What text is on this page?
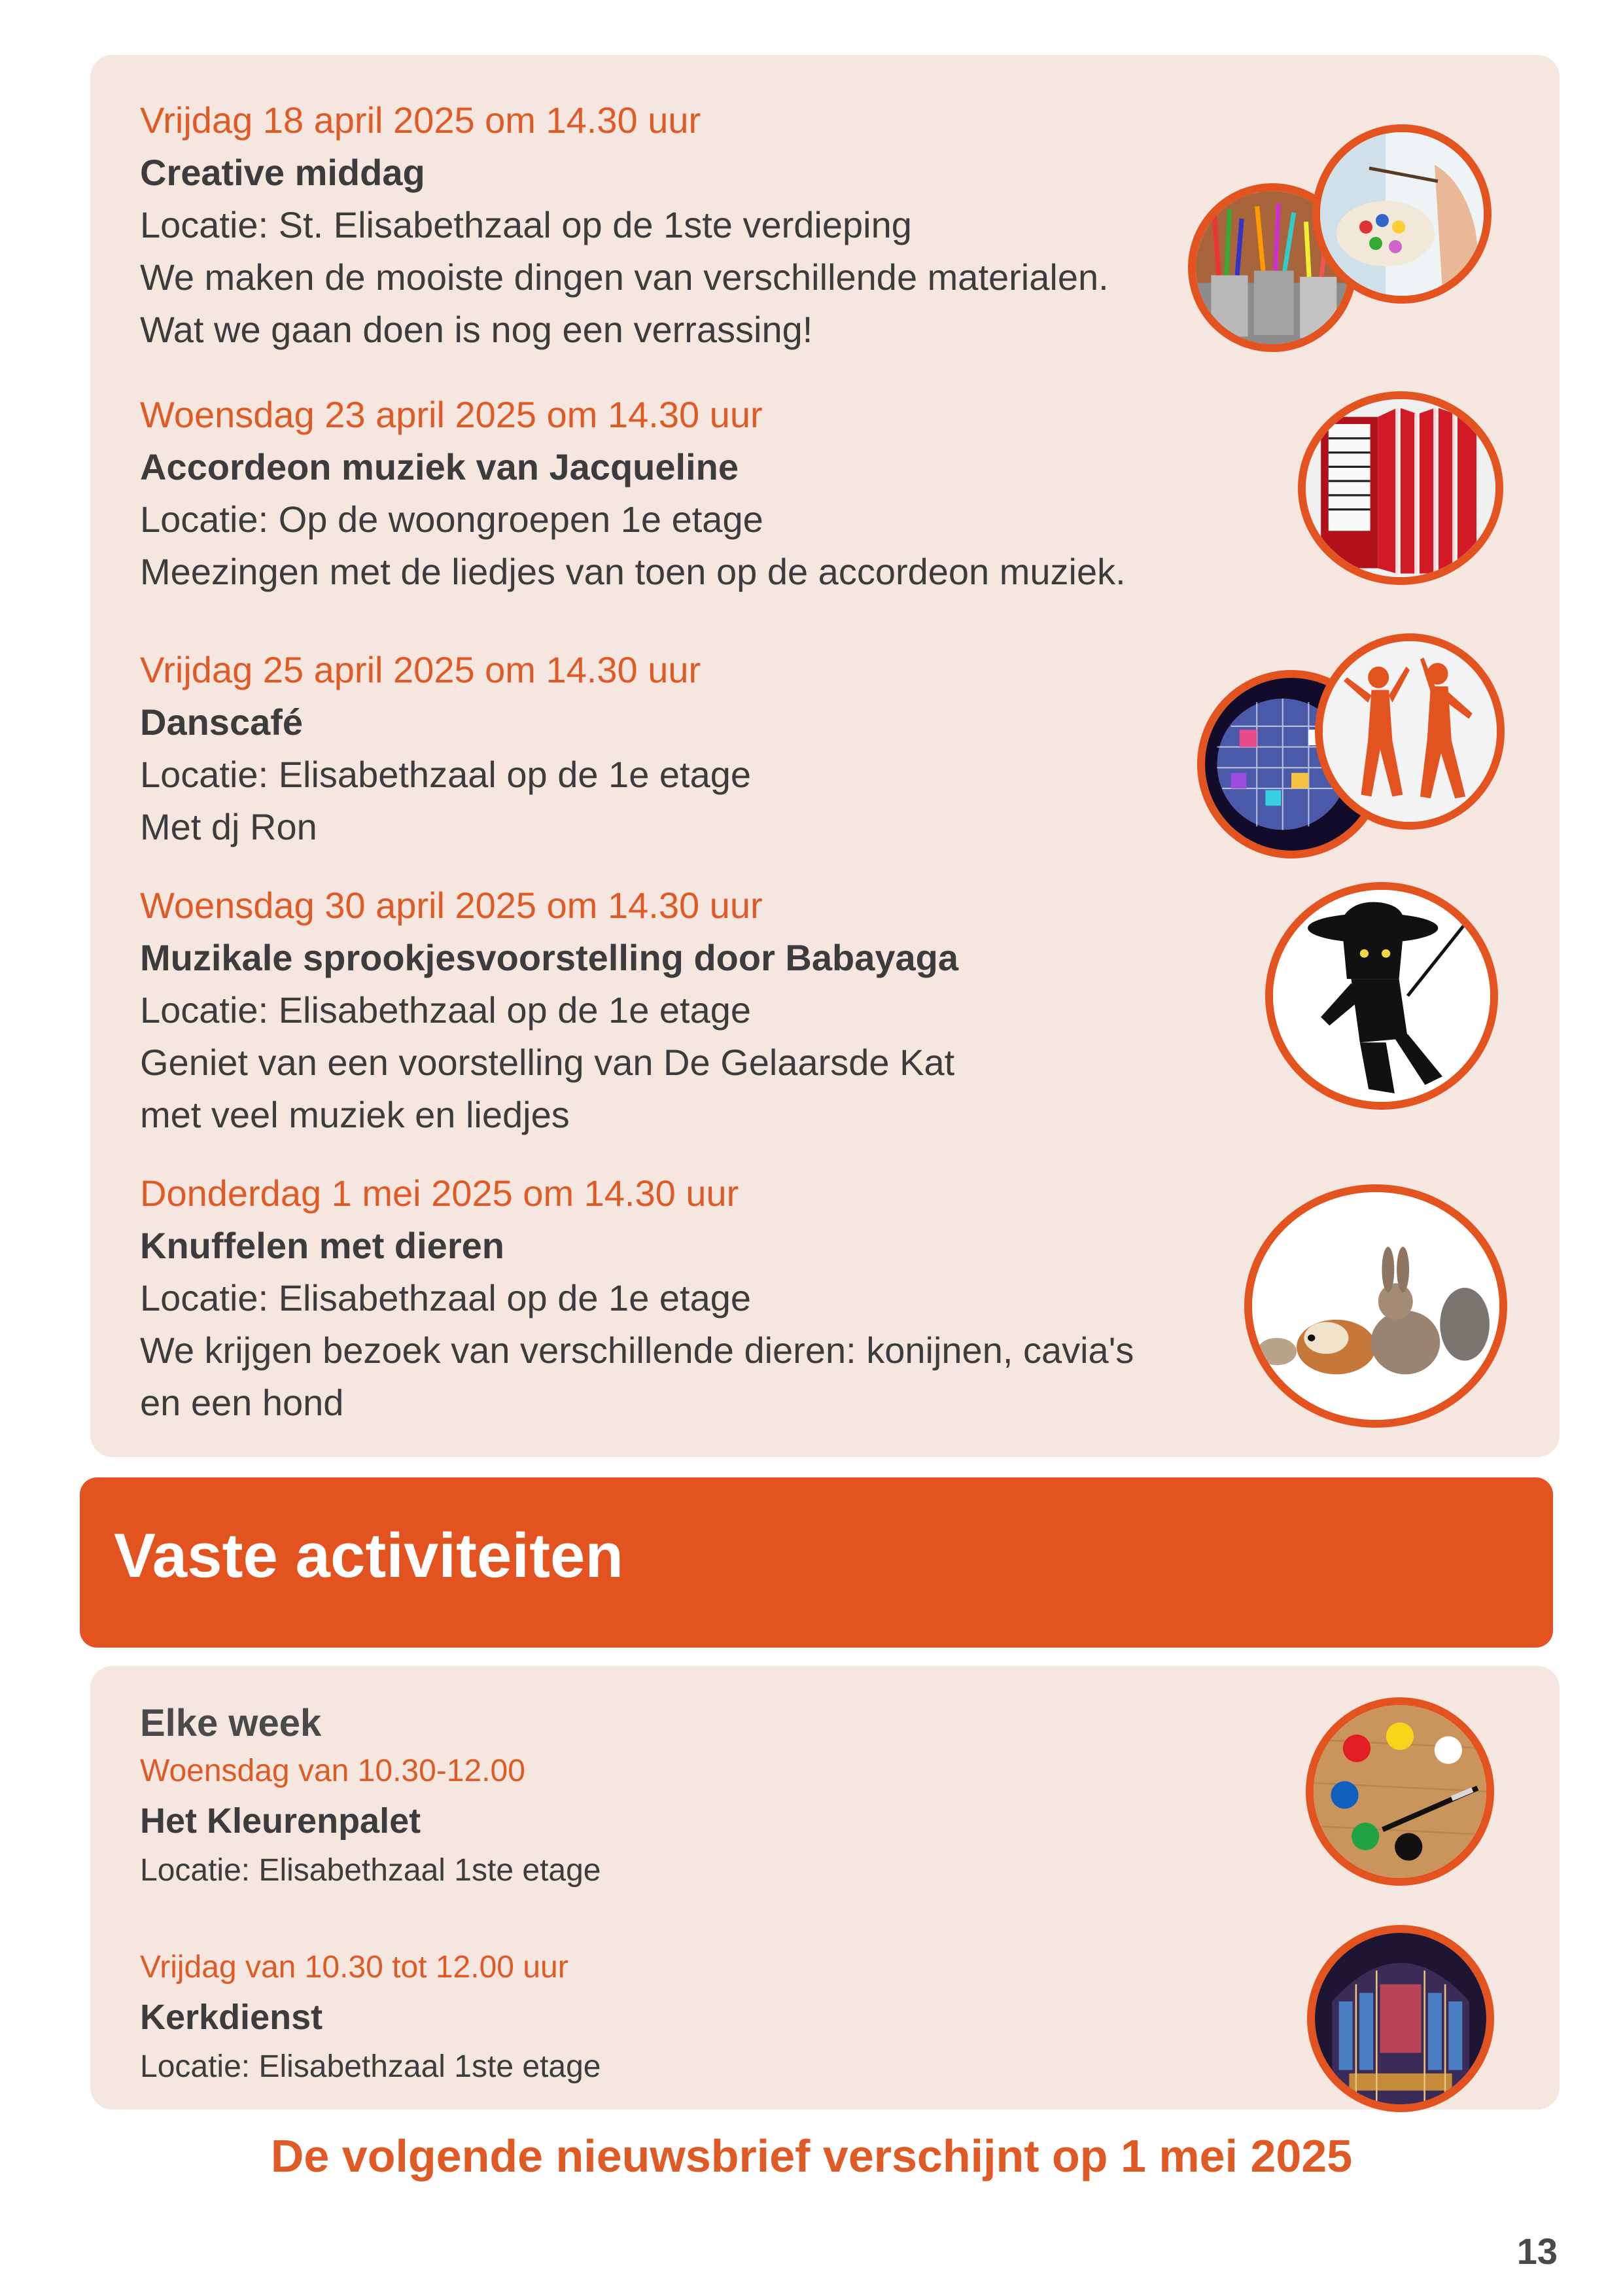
Vrijdag 18 april 2025 om 14.30 uur
Creative middag
Locatie: St. Elisabethzaal op de 1ste verdieping
We maken de mooiste dingen van verschillende materialen.
Wat we gaan doen is nog een verrassing!
Woensdag 23 april 2025 om 14.30 uur
Accordeon muziek van Jacqueline
Locatie: Op de woongroepen 1e etage
Meezingen met de liedjes van toen op de accordeon muziek.
Vrijdag 25 april 2025 om 14.30 uur
Danscafé
Locatie: Elisabethzaal op de 1e etage
Met dj Ron
Woensdag 30 april 2025 om 14.30 uur
Muzikale sprookjesvoorstelling door Babayaga
Locatie: Elisabethzaal op de 1e etage
Geniet van een voorstelling van De Gelaarsde Kat
met veel muziek en liedjes
Donderdag 1 mei 2025 om 14.30 uur
Knuffelen met dieren
Locatie: Elisabethzaal op de 1e etage
We krijgen bezoek van verschillende dieren: konijnen, cavia's
en een hond
Vaste activiteiten
Elke week
Woensdag van 10.30-12.00
Het Kleurenpalet
Locatie: Elisabethzaal 1ste etage
Vrijdag van 10.30 tot 12.00 uur
Kerkdienst
Locatie: Elisabethzaal 1ste etage
De volgende nieuwsbrief verschijnt op 1 mei 2025
13
